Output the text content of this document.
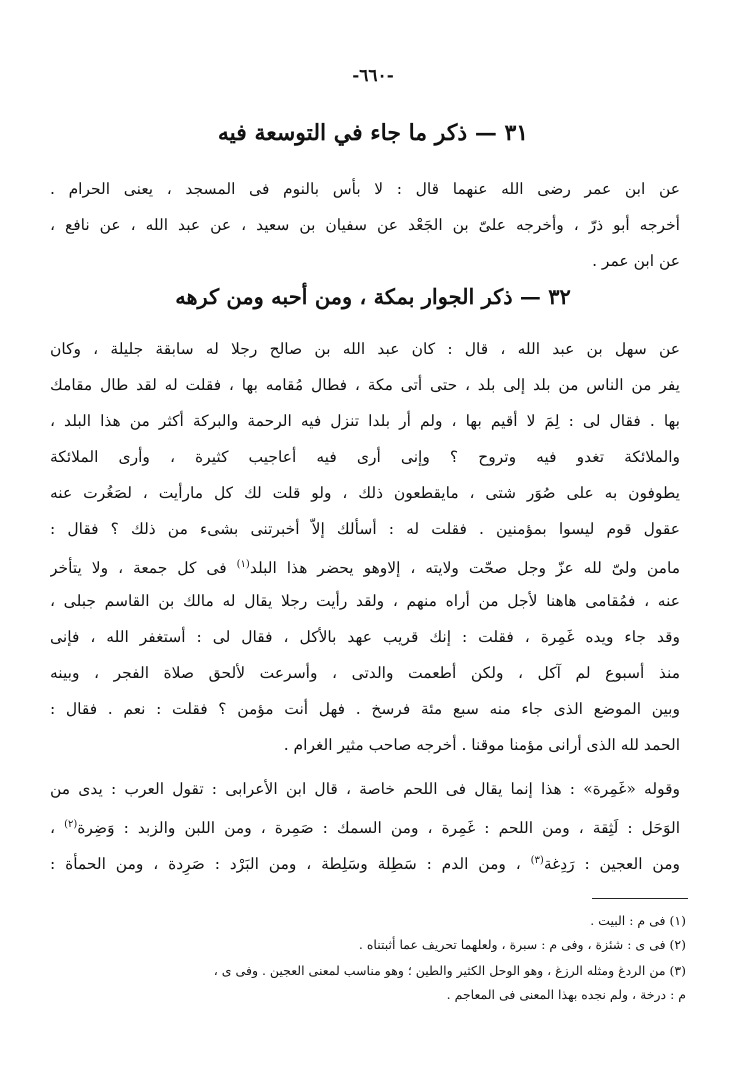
-٦٦٠-
٣١ — ذكر ما جاء في التوسعة فيه
عن ابن عمر رضى الله عنهما قال : لا بأس بالنوم فى المسجد ، يعنى الحرام .
أخرجه أبو ذرّ ، وأخرجه علىّ بن الجَعْد عن سفيان بن سعيد ، عن عبد الله ، عن نافع ،
عن ابن عمر .
٣٢ — ذكر الجوار بمكة ، ومن أحبه ومن كرهه
عن سهل بن عبد الله ، قال : كان عبد الله بن صالح رجلا له سابقة جليلة ، وكان
يفر من الناس من بلد إلى بلد ، حتى أتى مكة ، فطال مُقامه بها ، فقلت له لقد طال مقامك
بها . فقال لى : لِمَ لا أقيم بها ، ولم أر بلدا تنزل فيه الرحمة والبركة أكثر من هذا البلد ،
والملائكة تغدو فيه وتروح ؟ وإنى أرى فيه أعاجيب كثيرة ، وأرى الملائكة
يطوفون به على صُوَر شتى ، مايقطعون ذلك ، ولو قلت لك كل مارأيت ، لصَغُرت عنه
عقول قوم ليسوا بمؤمنين . فقلت له : أسألك إلاّ أخبرتنى بشىء من ذلك ؟ فقال :
مامن ولىّ لله عزّ وجل صحّت ولايته ، إلاوهو يحضر هذا البلد$^{(١)}$ فى كل جمعة ، ولا يتأخر
عنه ، فمُقامى هاهنا لأجل من أراه منهم ، ولقد رأيت رجلا يقال له مالك بن القاسم جبلى ،
وقد جاء ويده غَمِرة ، فقلت : إنك قريب عهد بالأكل ، فقال لى : أستغفر الله ، فإنى
منذ أسبوع لم آكل ، ولكن أطعمت والدتى ، وأسرعت لألحق صلاة الفجر ، وبينه
وبين الموضع الذى جاء منه سبع مئة فرسخ . فهل أنت مؤمن ؟ فقلت : نعم . فقال :
الحمد لله الذى أرانى مؤمنا موقنا . أخرجه صاحب مثير الغرام .
وقوله «غَمِرة» : هذا إنما يقال فى اللحم خاصة ، قال ابن الأعرابى : تقول العرب : يدى من
الوَحَل : لَثِقة ، ومن اللحم : غَمِرة ، ومن السمك : صَمِرة ، ومن اللبن والزبد : وَضِرة$^{(٢)}$ ،
ومن العجين : رَدِغة$^{(٣)}$ ، ومن الدم : سَطِلة وسَلِطة ، ومن البَرْد : صَرِدة ، ومن الحمأة :
(١) فى م : البيت .
(٢) فى ى : شئزة ، وفى م : سبرة ، ولعلهما تحريف عما أثبتناه .
(٣) من الردغ ومثله الرزغ ، وهو الوحل الكثير والطين ؛ وهو مناسب لمعنى العجين . وفى ى ،
م : درخة ، ولم نجده بهذا المعنى فى المعاجم .
